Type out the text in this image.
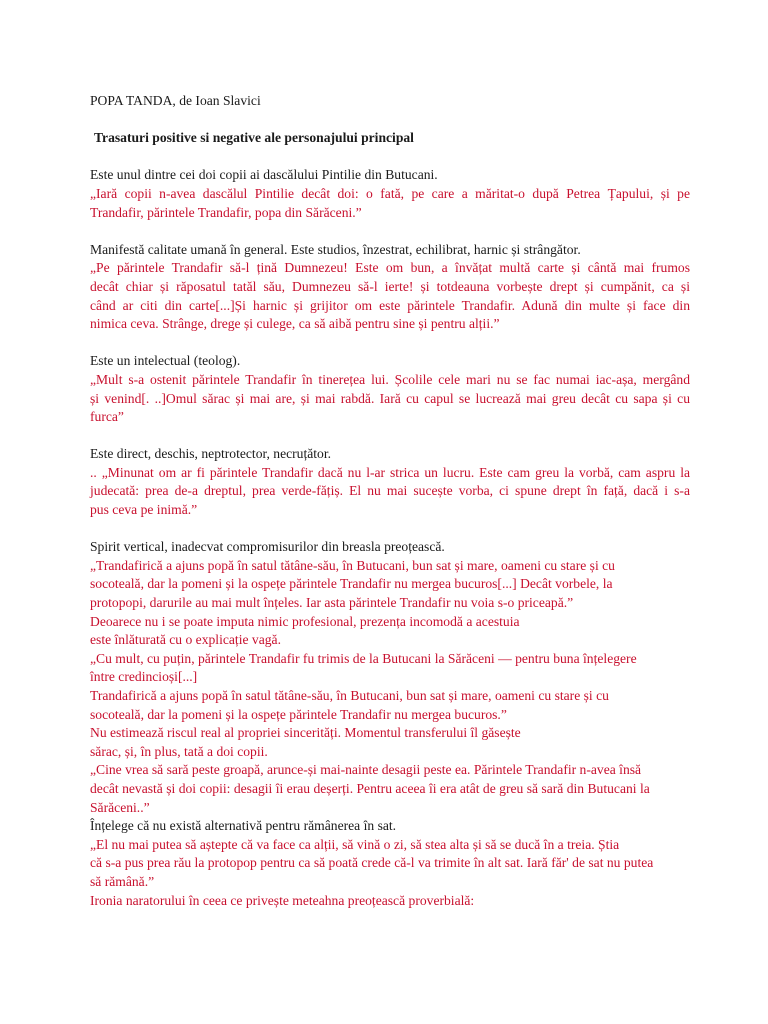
POPA TANDA, de Ioan Slavici
Trasaturi positive si negative ale personajului principal
Este unul dintre cei doi copii ai dascălului Pintilie din Butucani.
„Iară copii n-avea dascălul Pintilie decât doi: o fată, pe care a măritat-o după Petrea Țapului, și pe
Trandafir, părintele Trandafir, popa din Sărăceni.”
Manifestă calitate umană în general. Este studios, înzestrat, echilibrat, harnic și strângător.
„Pe părintele Trandafir să-l țină Dumnezeu! Este om bun, a învățat multă carte și cântă mai frumos
decât chiar și răposatul tatăl său, Dumnezeu să-l ierte! și totdeauna vorbește drept și cumpănit, ca și
când ar citi din carte[...]Și harnic și grijitor om este părintele Trandafir. Adună din multe și face din
nimica ceva. Strânge, drege și culege, ca să aibă pentru sine și pentru alții.”
Este un intelectual (teolog).
„Mult s-a ostenit părintele Trandafir în tinerețea lui. Școlile cele mari nu se fac numai iac-așa, mergând
și venind[. ..]Omul sărac și mai are, și mai rabdă. Iară cu capul se lucrează mai greu decât cu sapa și cu
furca”
Este direct, deschis, neptrotector, necruțător.
.. „Minunat om ar fi părintele Trandafir dacă nu l-ar strica un lucru. Este cam greu la vorbă, cam aspru la
judecată: prea de-a dreptul, prea verde-fățiș. El nu mai sucește vorba, ci spune drept în față, dacă i s-a
pus ceva pe inimă.”
Spirit vertical, inadecvat compromisurilor din breasla preoțească.
„Trandafirică a ajuns popă în satul tătâne-său, în Butucani, bun sat și mare, oameni cu stare și cu
socoteală, dar la pomeni și la ospețe părintele Trandafir nu mergea bucuros[...] Decât vorbele, la
protopopi, darurile au mai mult înțeles. Iar asta părintele Trandafir nu voia s-o priceapă.”
Deoarece nu i se poate imputa nimic profesional, prezența incomodă a acestuia
este înlăturată cu o explicație vagă.
„Cu mult, cu puțin, părintele Trandafir fu trimis de la Butucani la Sărăceni — pentru buna înțelegere
între credincioși[...]
Trandafirică a ajuns popă în satul tătâne-său, în Butucani, bun sat și mare, oameni cu stare și cu
socoteală, dar la pomeni și la ospețe părintele Trandafir nu mergea bucuros.”
Nu estimează riscul real al propriei sincerități. Momentul transferului îl găsește
sărac, și, în plus, tată a doi copii.
„Cine vrea să sară peste groapă, arunce-și mai-nainte desagii peste ea. Părintele Trandafir n-avea însă
decât nevastă și doi copii: desagii îi erau deșerți. Pentru aceea îi era atât de greu să sară din Butucani la
Sărăceni..”
Înțelege că nu există alternativă pentru rămânerea în sat.
„El nu mai putea să aștepte că va face ca alții, să vină o zi, să stea alta și să se ducă în a treia. Știa
că s-a pus prea rău la protopop pentru ca să poată crede că-l va trimite în alt sat. Iară făr' de sat nu putea
să rămână.”
Ironia naratorului în ceea ce privește meteahna preoțească proverbială:
